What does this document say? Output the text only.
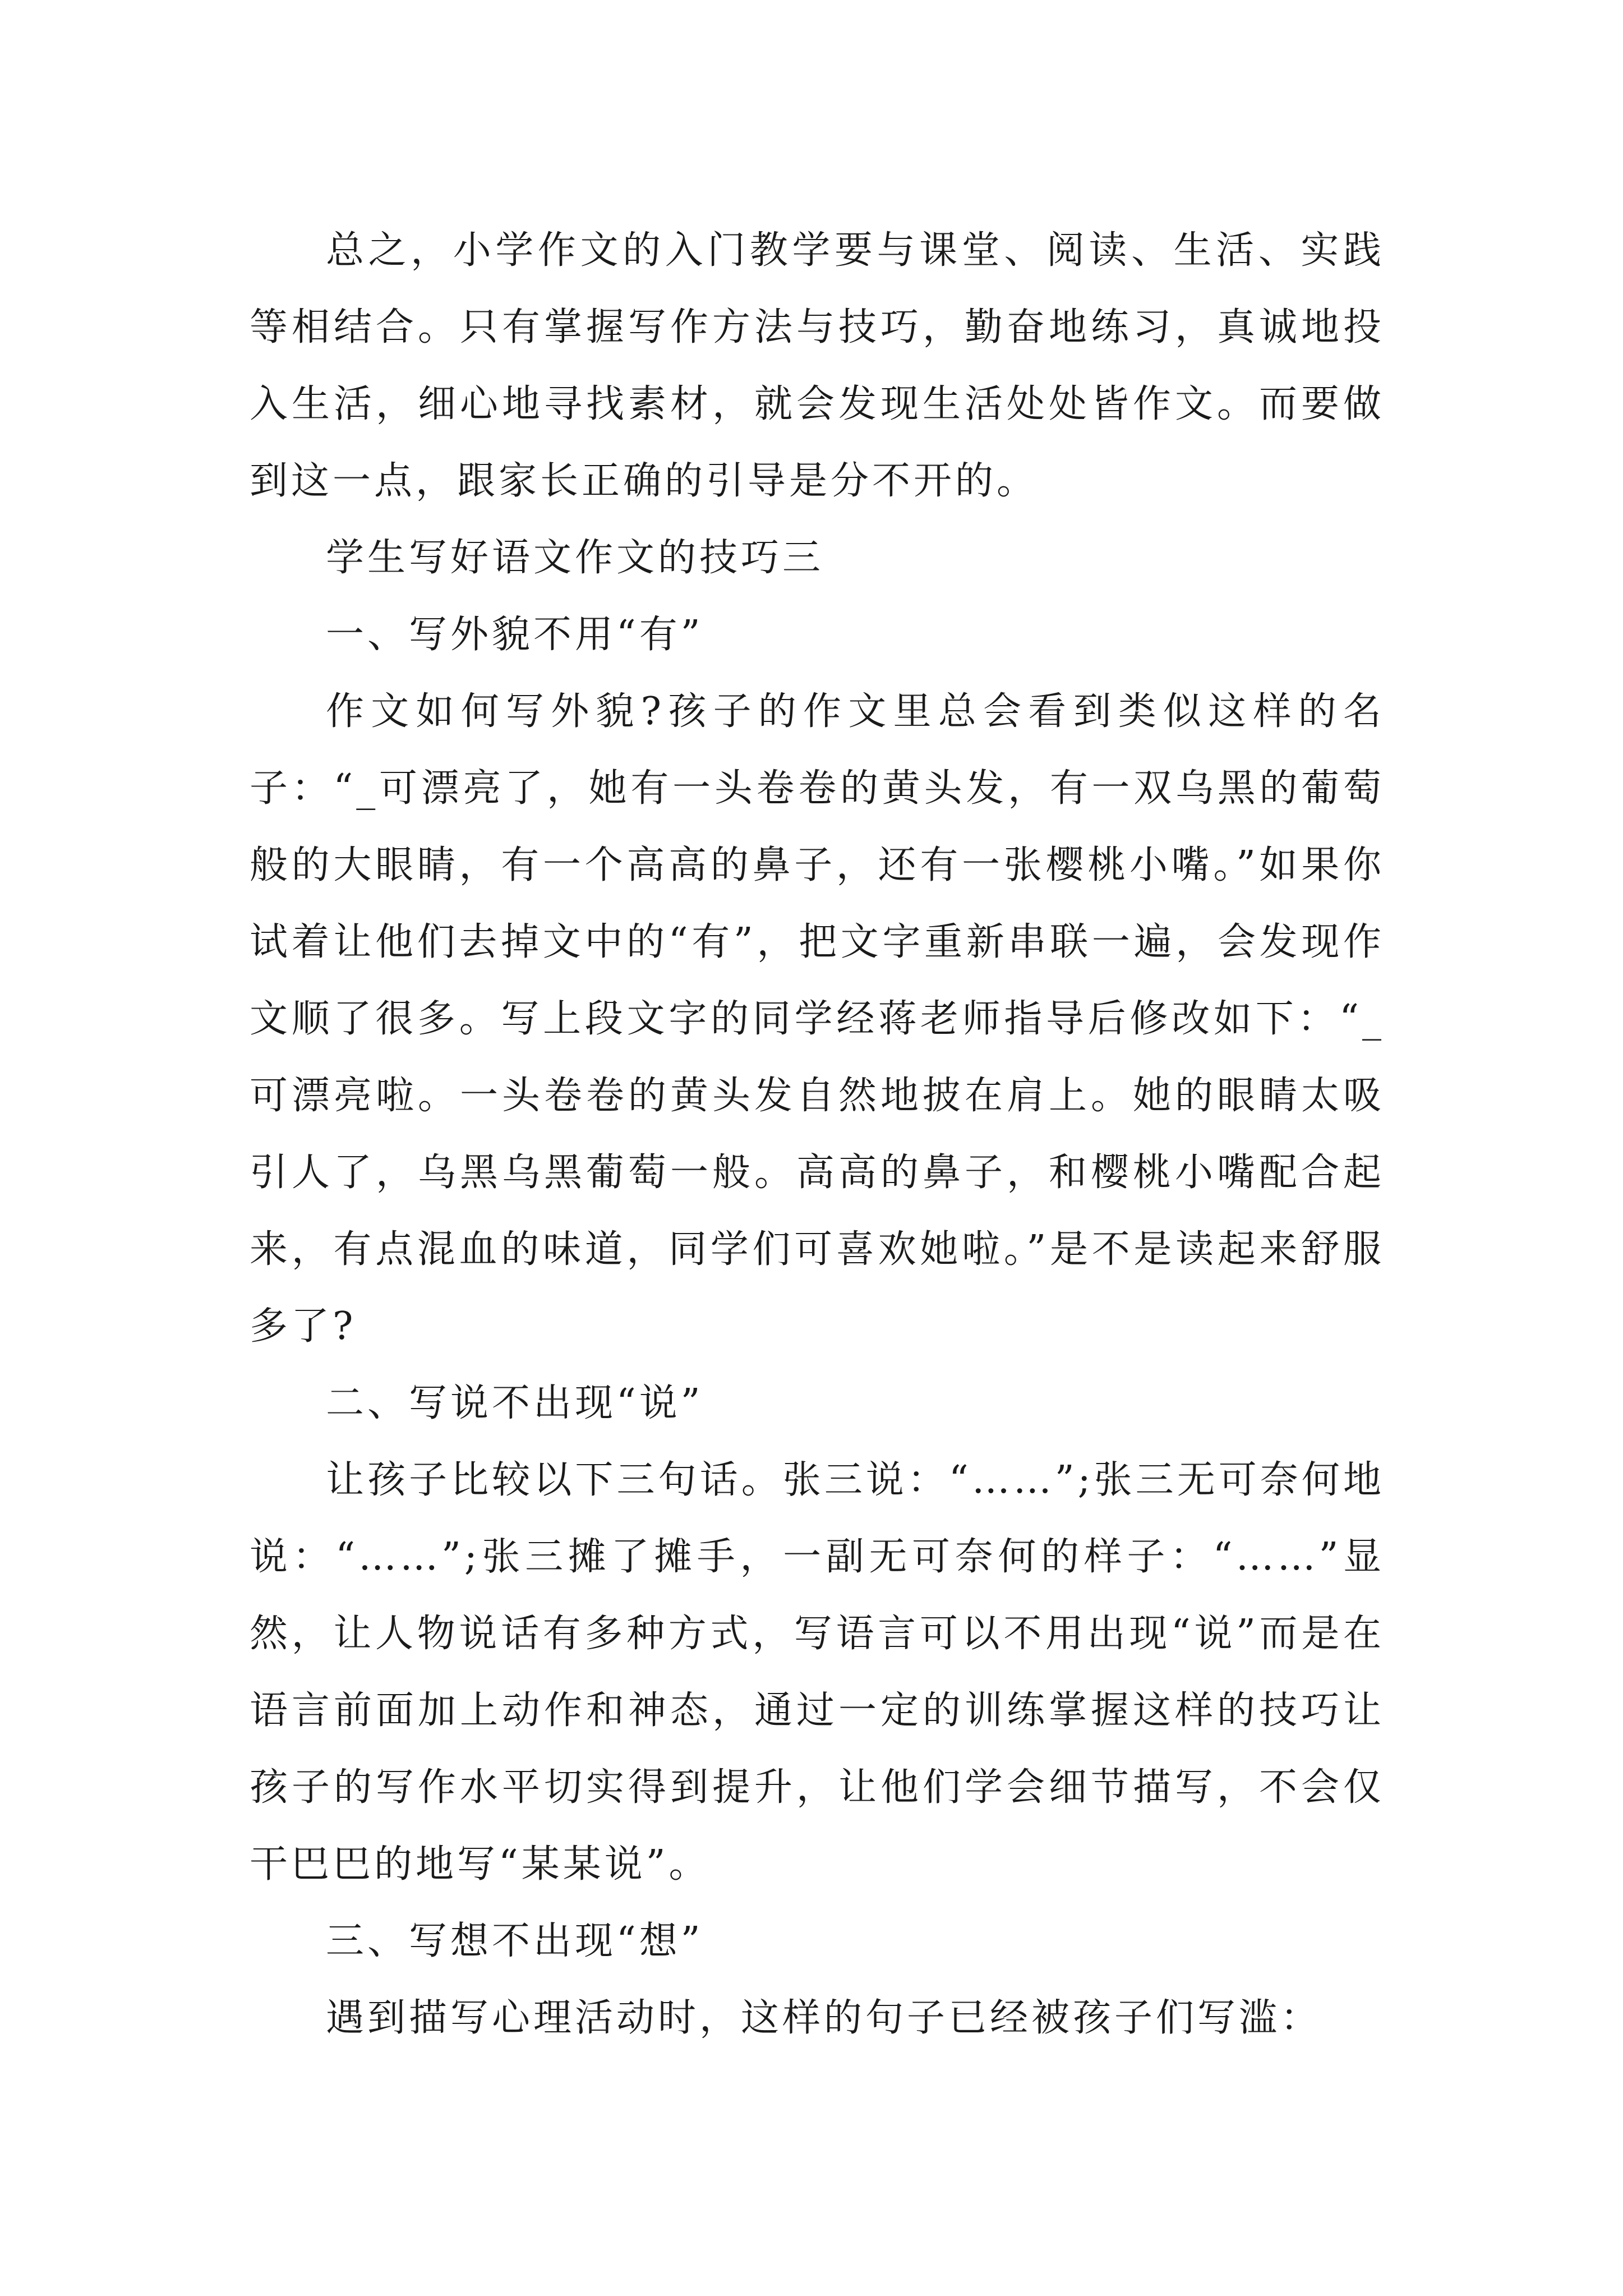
总之，小学作文的入门教学要与课堂、阅读、生活、实践等相结合。只有掌握写作方法与技巧，勤奋地练习，真诚地投入生活，细心地寻找素材，就会发现生活处处皆作文。而要做到这一点，跟家长正确的引导是分不开的。

学生写好语文作文的技巧三

一、写外貌不用“有”

作文如何写外貌?孩子的作文里总会看到类似这样的名子：“_可漂亮了，她有一头卷卷的黄头发，有一双乌黑的葡萄般的大眼睛，有一个高高的鼻子，还有一张樱桃小嘴。”如果你试着让他们去掉文中的“有”，把文字重新串联一遍，会发现作文顺了很多。写上段文字的同学经蒋老师指导后修改如下：“_可漂亮啦。一头卷卷的黄头发自然地披在肩上。她的眼睛太吸引人了，乌黑乌黑葡萄一般。高高的鼻子，和樱桃小嘴配合起来，有点混血的味道，同学们可喜欢她啦。”是不是读起来舒服多了?

二、写说不出现“说”

让孩子比较以下三句话。张三说：“……”;张三无可奈何地说：“……”;张三摊了摊手，一副无可奈何的样子：“……”显然，让人物说话有多种方式，写语言可以不用出现“说”而是在语言前面加上动作和神态，通过一定的训练掌握这样的技巧让孩子的写作水平切实得到提升，让他们学会细节描写，不会仅干巴巴的地写“某某说”。

三、写想不出现“想”

遇到描写心理活动时，这样的句子已经被孩子们写滥：
